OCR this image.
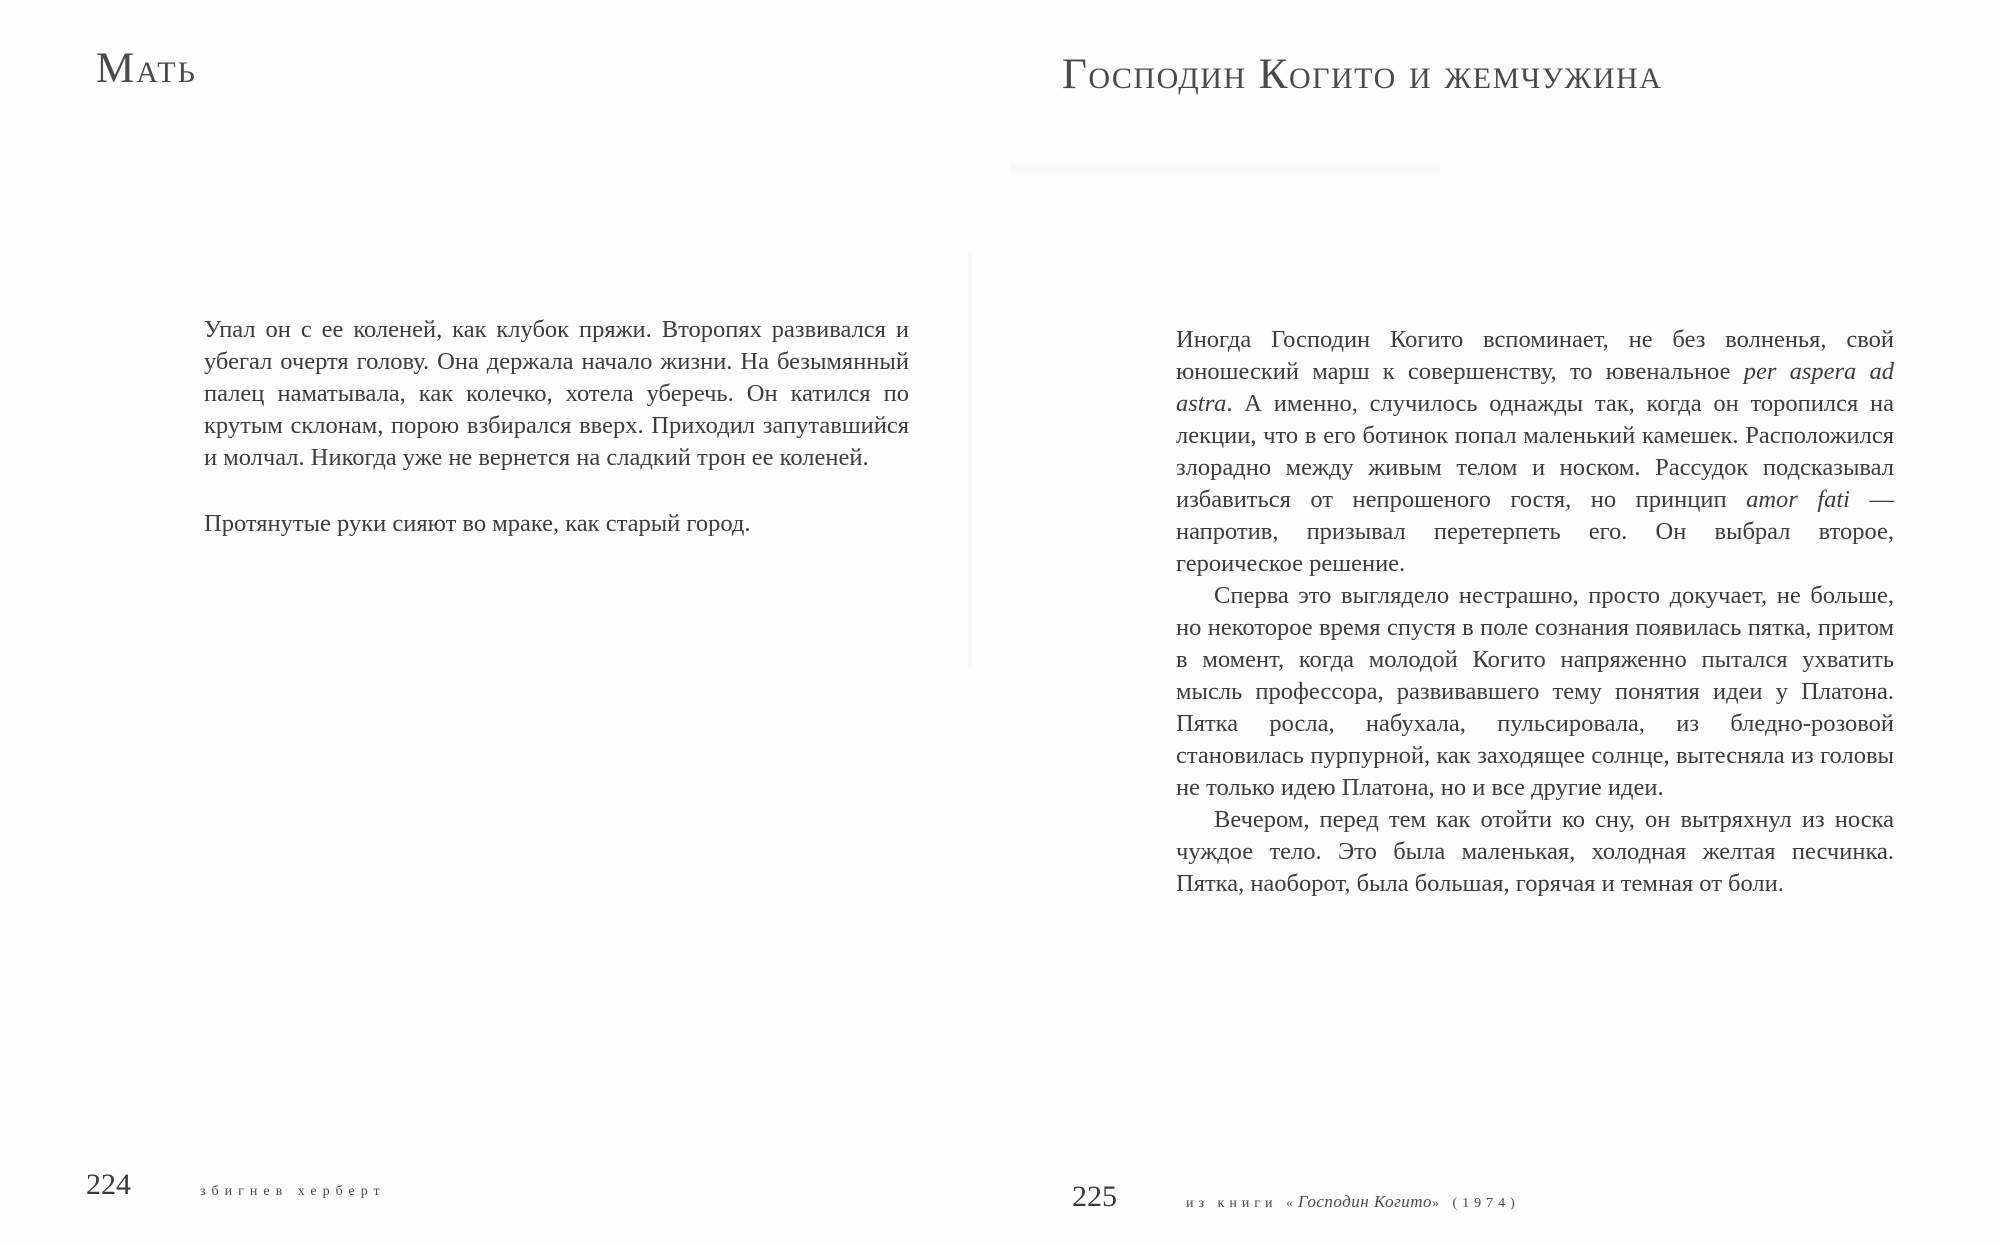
Мать

Упал он с ее коленей, как клубок пряжи. Второпях развивался и убегал очертя голову. Она держала начало жизни. На безымянный палец наматывала, как колечко, хотела уберечь. Он катился по крутым склонам, порою взбирался вверх. Приходил запутавшийся и молчал. Никогда уже не вернется на сладкий трон ее коленей.

Протянутые руки сияют во мраке, как старый город.

224	збигнев херберт
Господин Когито и жемчужина

Иногда Господин Когито вспоминает, не без волненья, свой юношеский марш к совершенству, то ювенальное per aspera ad astra. А именно, случилось однажды так, когда он торопился на лекции, что в его ботинок попал маленький камешек. Расположился злорадно между живым телом и носком. Рассудок подсказывал избавиться от непрошеного гостя, но принцип amor fati — напротив, призывал перетерпеть его. Он выбрал второе, героическое решение.

Сперва это выглядело нестрашно, просто докучает, не больше, но некоторое время спустя в поле сознания появилась пятка, притом в момент, когда молодой Когито напряженно пытался ухватить мысль профессора, развивавшего тему понятия идеи у Платона. Пятка росла, набухала, пульсировала, из бледно-розовой становилась пурпурной, как заходящее солнце, вытесняла из головы не только идею Платона, но и все другие идеи.

Вечером, перед тем как отойти ко сну, он вытряхнул из носка чуждое тело. Это была маленькая, холодная желтая песчинка. Пятка, наоборот, была большая, горячая и темная от боли.

225	из книги «Господин Когито» (1974)
